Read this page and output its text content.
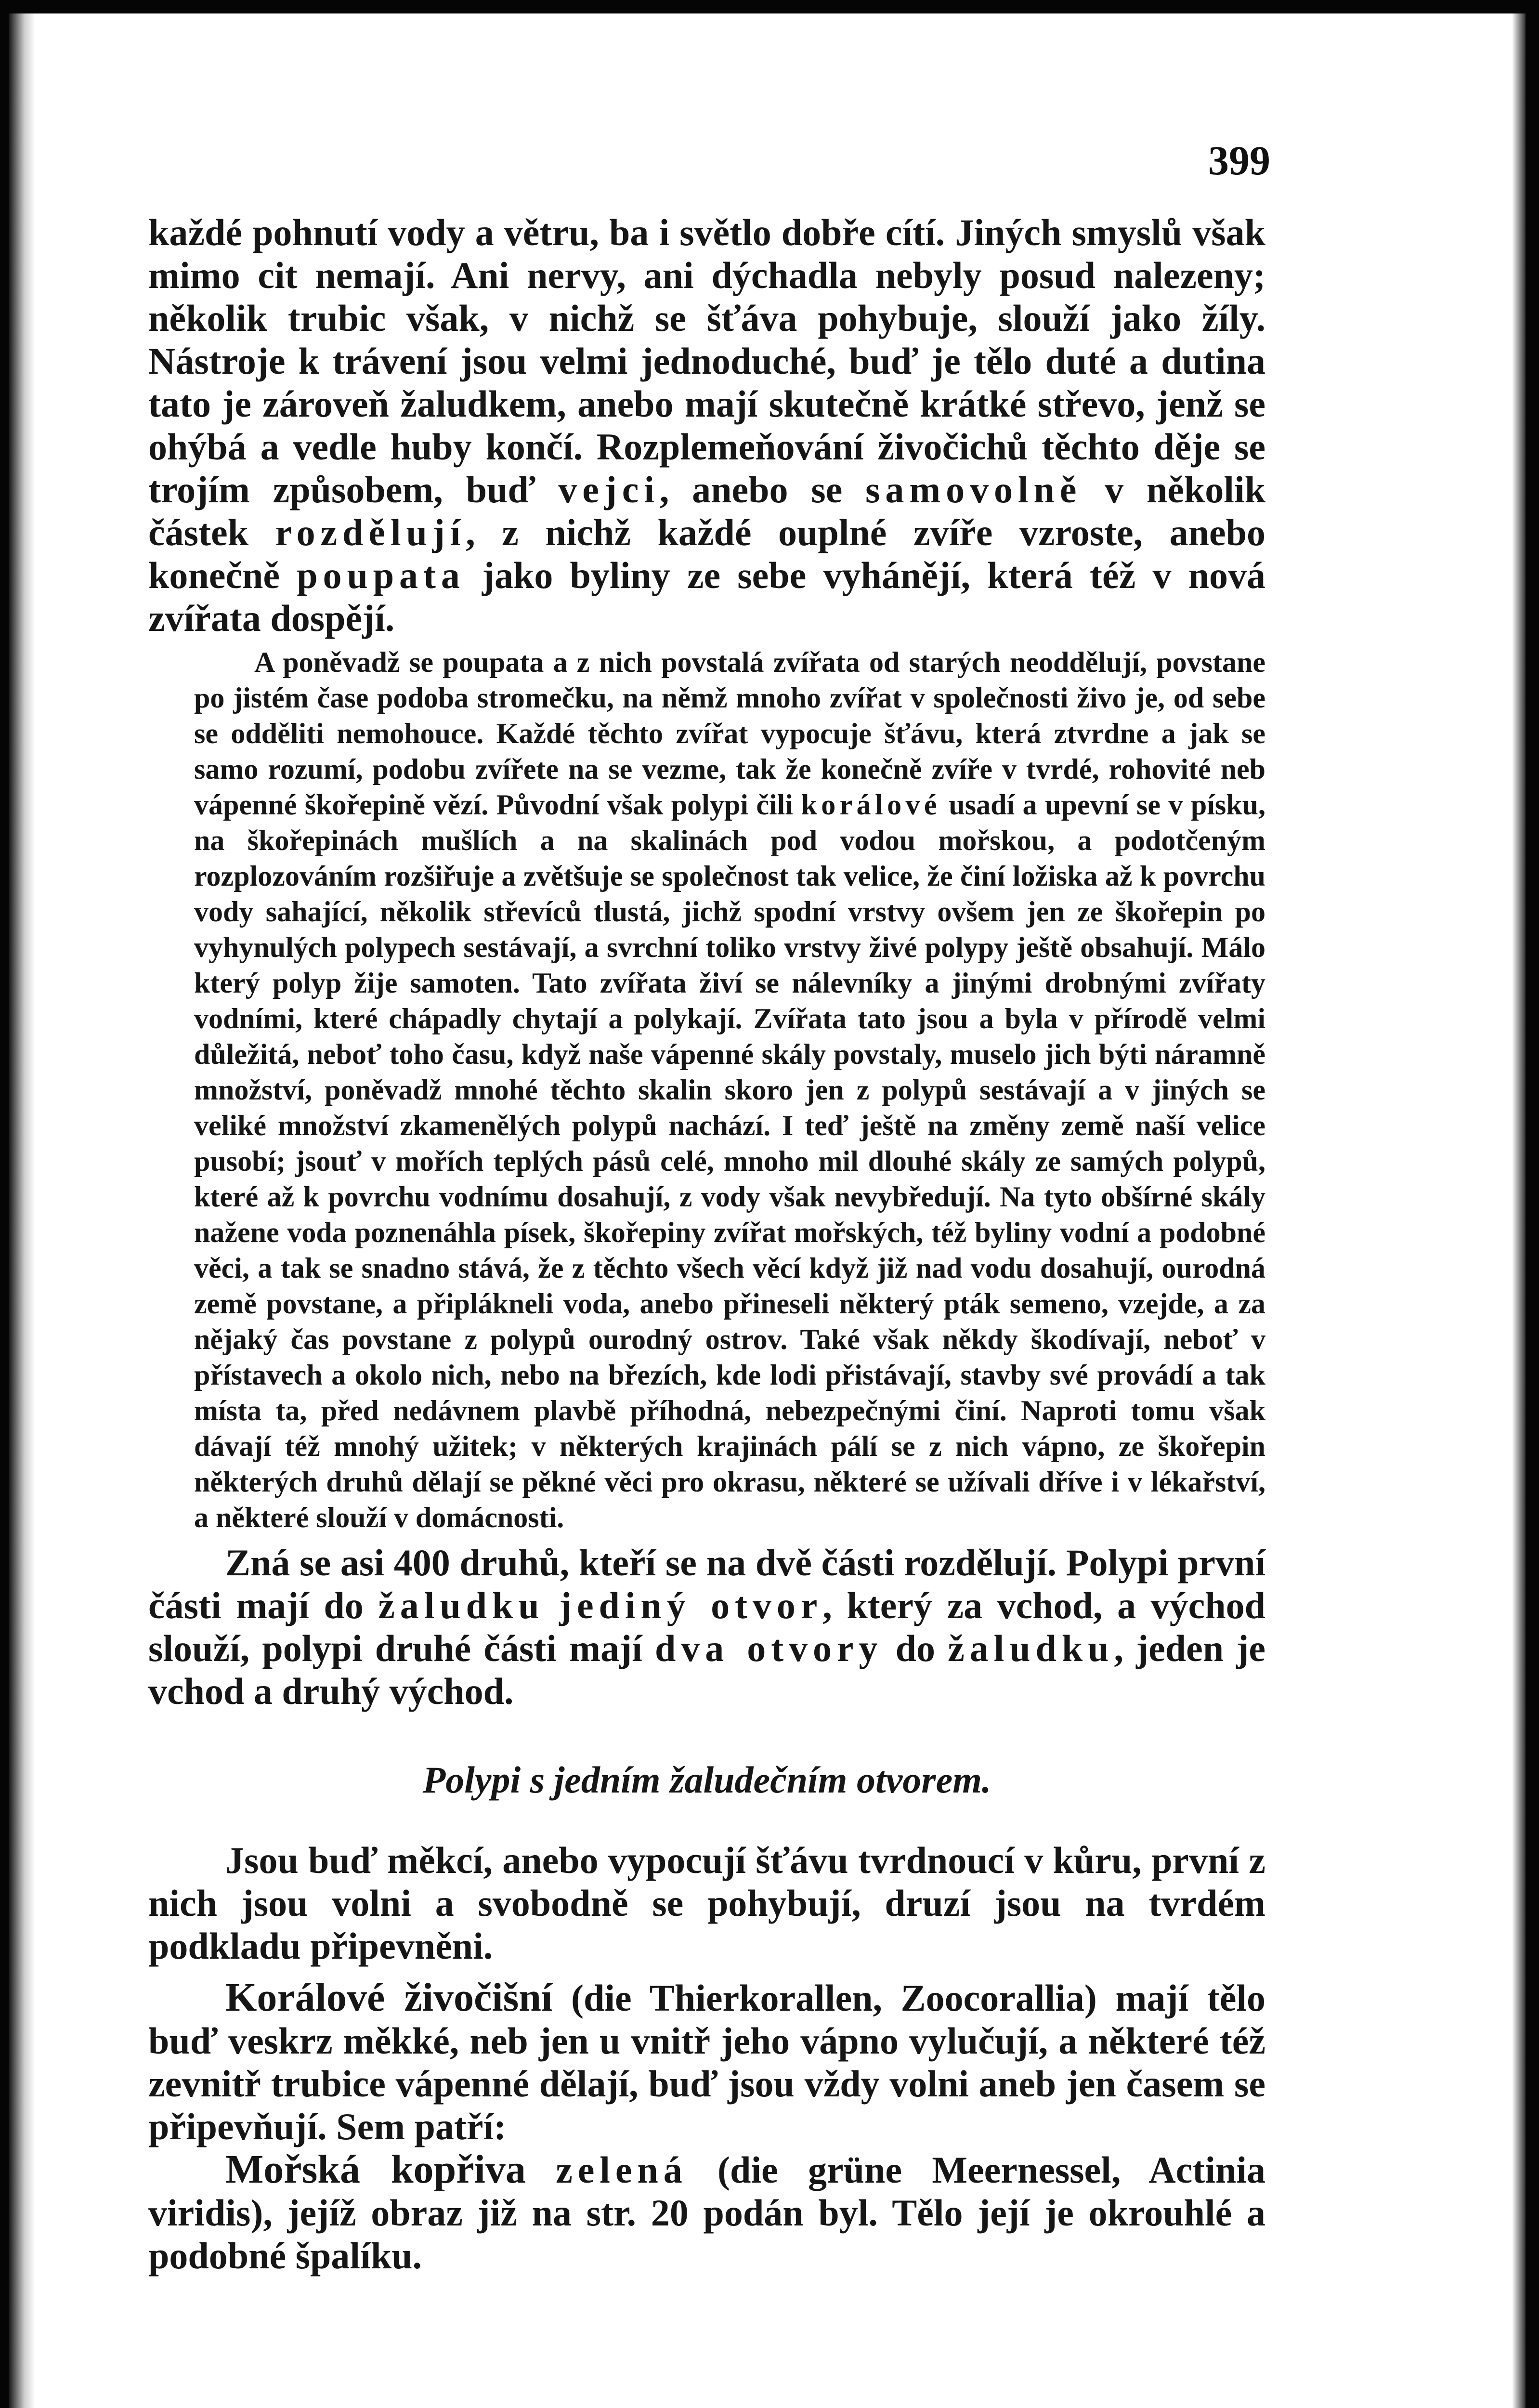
399

každé pohnutí vody a větru, ba i světlo dobře cítí. Jiných smyslů však mimo cit nemají. Ani nervy, ani dýchadla nebyly posud nalezeny; několik trubic však, v nichž se šťáva pohybuje, slouží jako žíly. Nástroje k trávení jsou velmi jednoduché, buď je tělo duté a dutina tato je zároveň žaludkem, anebo mají skutečně krátké střevo, jenž se ohýbá a vedle huby končí. Rozplemeňování živočichů těchto děje se trojím způsobem, buď vejci, anebo se samovolně v několik částek rozdělují, z nichž každé ouplné zvíře vzroste, anebo konečně poupata jako byliny ze sebe vyhánějí, která též v nová zvířata dospějí.

A poněvadž se poupata a z nich povstalá zvířata od starých neoddělují, povstane po jistém čase podoba stromečku, na němž mnoho zvířat v společnosti živo je, od sebe se odděliti nemohouce. Každé těchto zvířat vypocuje šťávu, která ztvrdne a jak se samo rozumí, podobu zvířete na se vezme, tak že konečně zvíře v tvrdé, rohovité neb vápenné škořepině vězí. Původní však polypi čili korálové usadí a upevní se v písku, na škořepinách mušlích a na skalinách pod vodou mořskou, a podotčeným rozplozováním rozšiřuje a zvětšuje se společnost tak velice, že činí ložiska až k povrchu vody sahající, několik střevíců tlustá, jichž spodní vrstvy ovšem jen ze škořepin po vyhynulých polypech sestávají, a svrchní toliko vrstvy živé polypy ještě obsahují. Málo který polyp žije samoten. Tato zvířata živí se nálevníky a jinými drobnými zvířaty vodními, které chápadly chytají a polykají. Zvířata tato jsou a byla v přírodě velmi důležitá, neboť toho času, když naše vápenné skály povstaly, muselo jich býti náramně množství, poněvadž mnohé těchto skalin skoro jen z polypů sestávají a v jiných se veliké množství zkamenělých polypů nachází. I teď ještě na změny země naší velice pusobí; jsouť v mořích teplých pásů celé, mnoho mil dlouhé skály ze samých polypů, které až k povrchu vodnímu dosahují, z vody však nevybředují. Na tyto obšírné skály nažene voda poznenáhla písek, škořepiny zvířat mořských, též byliny vodní a podobné věci, a tak se snadno stává, že z těchto všech věcí když již nad vodu dosahují, ourodná země povstane, a připlákneli voda, anebo přineseli některý pták semeno, vzejde, a za nějaký čas povstane z polypů ourodný ostrov. Také však někdy škodívají, neboť v přístavech a okolo nich, nebo na březích, kde lodi přistávají, stavby své provádí a tak místa ta, před nedávnem plavbě příhodná, nebezpečnými činí. Naproti tomu však dávají též mnohý užitek; v některých krajinách pálí se z nich vápno, ze škořepin některých druhů dělají se pěkné věci pro okrasu, některé se užívali dříve i v lékařství, a některé slouží v domácnosti.

Zná se asi 400 druhů, kteří se na dvě části rozdělují. Polypi první části mají do žaludku jediný otvor, který za vchod, a východ slouží, polypi druhé části mají dva otvory do žaludku, jeden je vchod a druhý východ.

Polypi s jedním žaludečním otvorem.

Jsou buď měkcí, anebo vypocují šťávu tvrdnoucí v kůru, první z nich jsou volni a svobodně se pohybují, druzí jsou na tvrdém podkladu připevněni.

Korálové živočišní (die Thierkorallen, Zoocorallia) mají tělo buď veskrz měkké, neb jen u vnitř jeho vápno vylučují, a některé též zevnitř trubice vápenné dělají, buď jsou vždy volni aneb jen časem se připevňují. Sem patří:

Mořská kopřiva zelená (die grüne Meernessel, Actinia viridis), jejíž obraz již na str. 20 podán byl. Tělo její je okrouhlé a podobné špalíku.
